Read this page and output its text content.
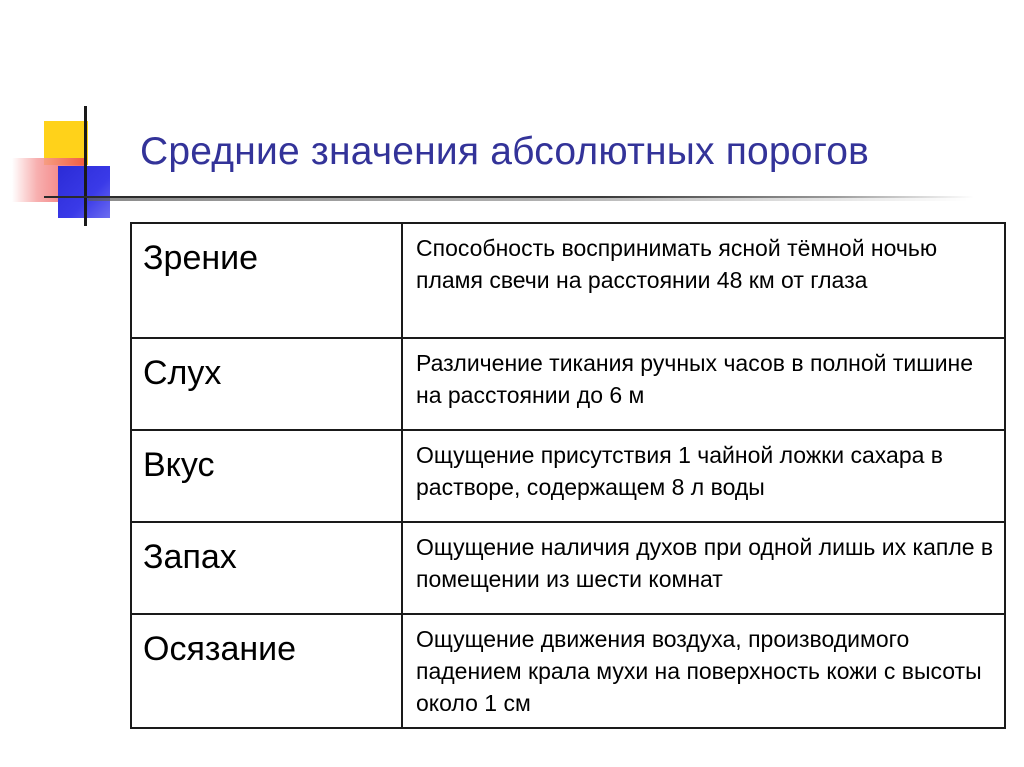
Средние значения абсолютных порогов
Зрение	Способность воспринимать ясной тёмной ночью пламя свечи на расстоянии 48 км от глаза
Слух	Различение тикания ручных часов в полной тишине на расстоянии до 6 м
Вкус	Ощущение присутствия 1 чайной ложки сахара в растворе, содержащем 8 л воды
Запах	Ощущение наличия духов при одной лишь их капле в помещении из шести комнат
Осязание	Ощущение движения воздуха, производимого падением крала мухи на поверхность кожи с высоты около 1 см
